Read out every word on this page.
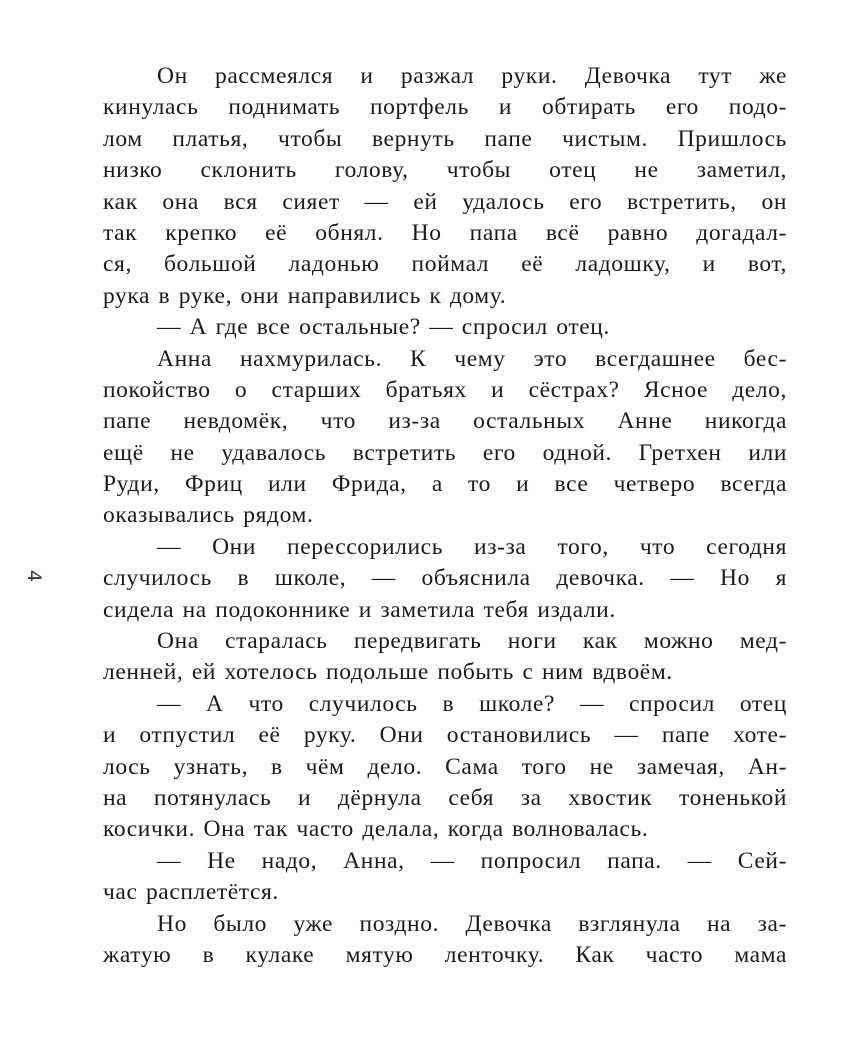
4
Он рассмеялся и разжал руки. Девочка тут же
кинулась поднимать портфель и обтирать его подо-
лом платья, чтобы вернуть папе чистым. Пришлось
низко склонить голову, чтобы отец не заметил,
как она вся сияет — ей удалось его встретить, он
так крепко её обнял. Но папа всё равно догадал-
ся, большой ладонью поймал её ладошку, и вот,
рука в руке, они направились к дому.
— А где все остальные? — спросил отец.
Анна нахмурилась. К чему это всегдашнее бес-
покойство о старших братьях и сёстрах? Ясное дело,
папе невдомёк, что из-за остальных Анне никогда
ещё не удавалось встретить его одной. Гретхен или
Руди, Фриц или Фрида, а то и все четверо всегда
оказывались рядом.
— Они перессорились из-за того, что сегодня
случилось в школе, — объяснила девочка. — Но я
сидела на подоконнике и заметила тебя издали.
Она старалась передвигать ноги как можно мед-
ленней, ей хотелось подольше побыть с ним вдвоём.
— А что случилось в школе? — спросил отец
и отпустил её руку. Они остановились — папе хоте-
лось узнать, в чём дело. Сама того не замечая, Ан-
на потянулась и дёрнула себя за хвостик тоненькой
косички. Она так часто делала, когда волновалась.
— Не надо, Анна, — попросил папа. — Сей-
час расплетётся.
Но было уже поздно. Девочка взглянула на за-
жатую в кулаке мятую ленточку. Как часто мама
